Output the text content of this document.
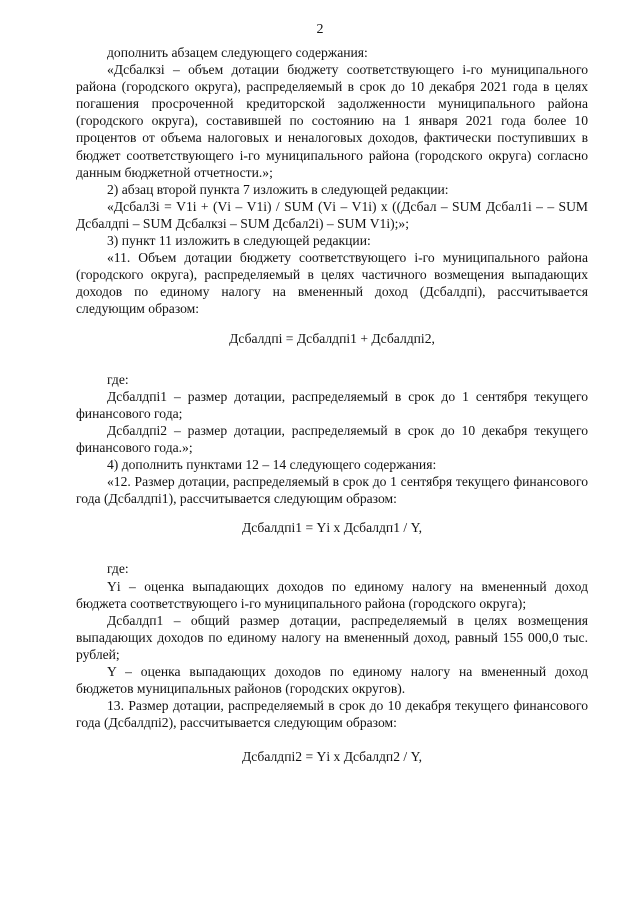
2

дополнить абзацем следующего содержания:

«Дсбалкзі – объем дотации бюджету соответствующего і-го муниципального района (городского округа), распределяемый в срок до 10 декабря 2021 года в целях погашения просроченной кредиторской задолженности муниципального района (городского округа), составившей по состоянию на 1 января 2021 года более 10 процентов от объема налоговых и неналоговых доходов, фактически поступивших в бюджет соответствующего і-го муниципального района (городского округа) согласно данным бюджетной отчетности.»;

2) абзац второй пункта 7 изложить в следующей редакции:

«Дсбал3і = V1і + (Vі – V1і) / SUM (Vі – V1і) х ((Дсбал – SUM Дсбал1і – – SUM Дсбалдпі – SUM Дсбалкзі – SUM Дсбал2і) – SUM V1і);»;

3) пункт 11 изложить в следующей редакции:

«11. Объем дотации бюджету соответствующего і-го муниципального района (городского округа), распределяемый в целях частичного возмещения выпадающих доходов по единому налогу на вмененный доход (Дсбалдпі), рассчитывается следующим образом:

Дсбалдпі = Дсбалдпі1 + Дсбалдпі2,

где:

Дсбалдпі1 – размер дотации, распределяемый в срок до 1 сентября текущего финансового года;

Дсбалдпі2 – размер дотации, распределяемый в срок до 10 декабря текущего финансового года.»;

4) дополнить пунктами 12 – 14 следующего содержания:

«12. Размер дотации, распределяемый в срок до 1 сентября текущего финансового года (Дсбалдпі1), рассчитывается следующим образом:

Дсбалдпі1 = Yі х Дсбалдп1 / Y,

где:

Yі – оценка выпадающих доходов по единому налогу на вмененный доход бюджета соответствующего і-го муниципального района (городского округа);

Дсбалдп1 – общий размер дотации, распределяемый в целях возмещения выпадающих доходов по единому налогу на вмененный доход, равный 155 000,0 тыс. рублей;

Y – оценка выпадающих доходов по единому налогу на вмененный доход бюджетов муниципальных районов (городских округов).

13. Размер дотации, распределяемый в срок до 10 декабря текущего финансового года (Дсбалдпі2), рассчитывается следующим образом:

Дсбалдпі2 = Yі х Дсбалдп2 / Y,
